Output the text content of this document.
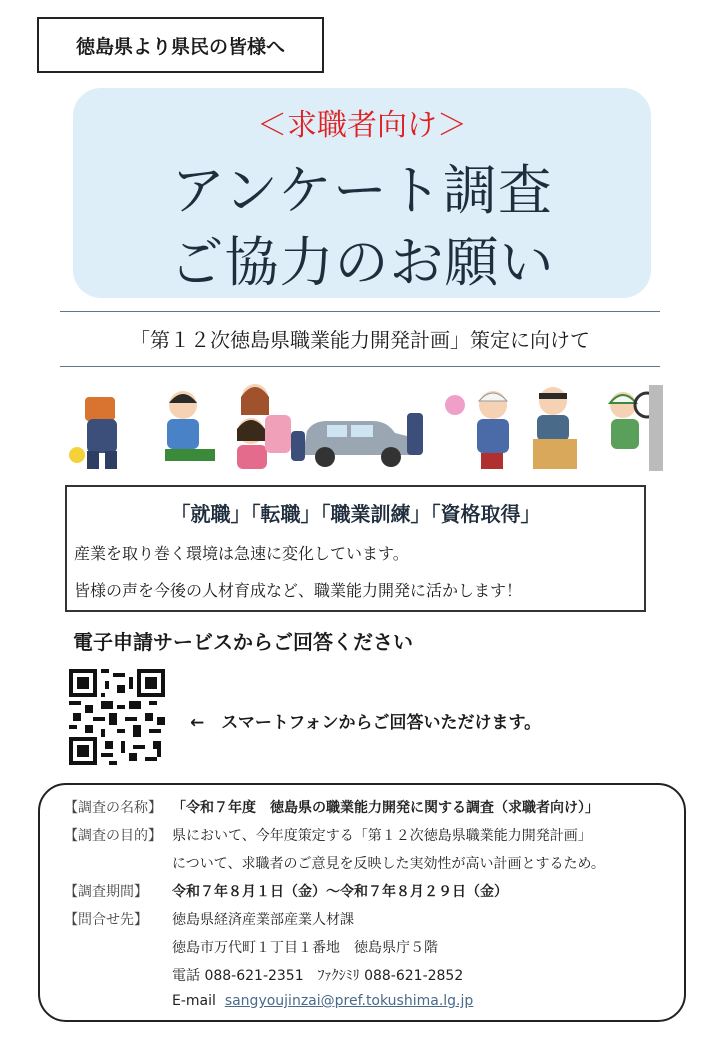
徳島県より県民の皆様へ
＜求職者向け＞
アンケート調査
ご協力のお願い
「第１２次徳島県職業能力開発計画」策定に向けて
「就職」「転職」「職業訓練」「資格取得」
産業を取り巻く環境は急速に変化しています。
皆様の声を今後の人材育成など、職業能力開発に活かします！
電子申請サービスからご回答ください
←　スマートフォンからご回答いただけます。
【調査の名称】 「令和７年度　徳島県の職業能力開発に関する調査（求職者向け）」
【調査の目的】 県において、今年度策定する「第１２次徳島県職業能力開発計画」
について、求職者のご意見を反映した実効性が高い計画とするため。
【調査期間】 令和７年８月１日（金）～令和７年８月２９日（金）
【問合せ先】 徳島県経済産業部産業人材課
徳島市万代町１丁目１番地　徳島県庁５階
電話 088-621-2351　ﾌｧｸｼﾐﾘ 088-621-2852
E-mail sangyoujinzai@pref.tokushima.lg.jp
